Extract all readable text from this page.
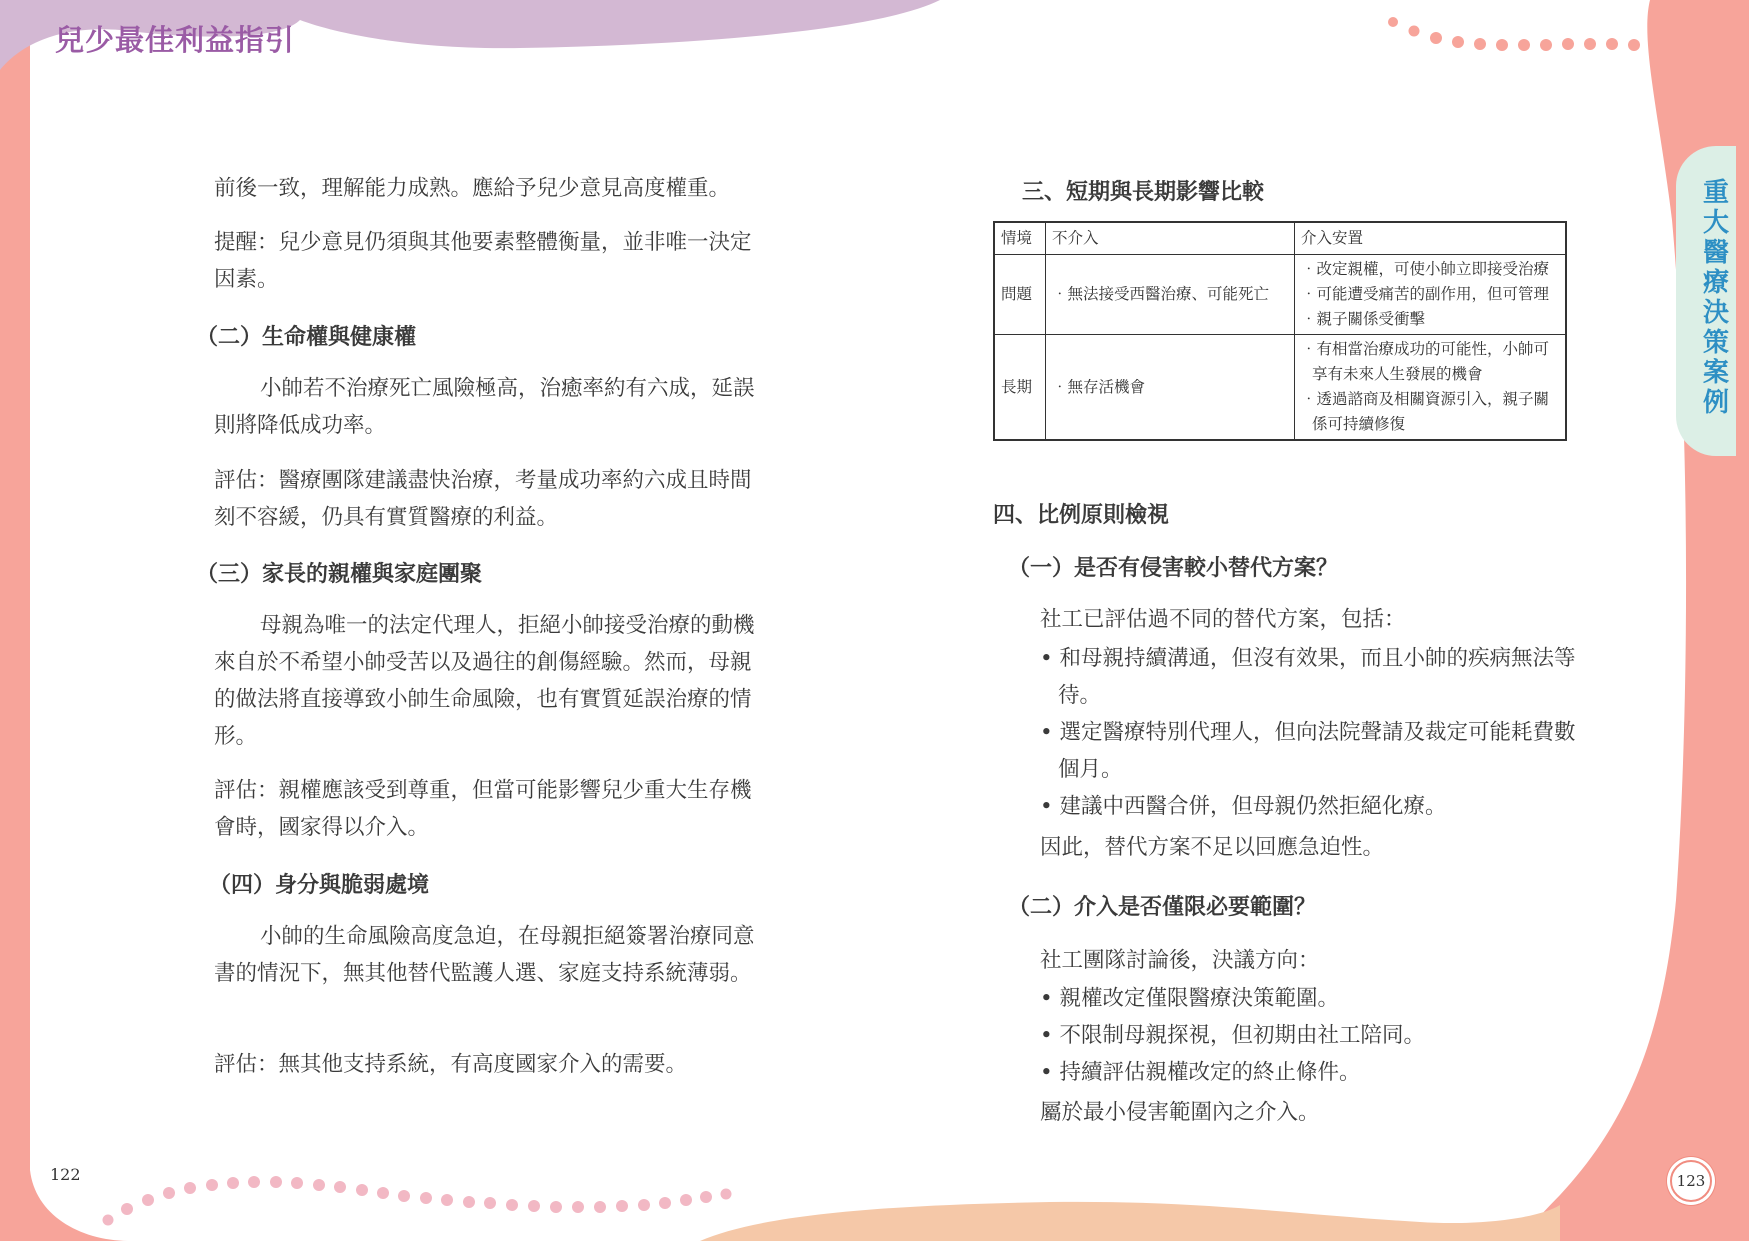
兒少最佳利益指引
重大醫療決策案例
前後一致，理解能力成熟。應給予兒少意見高度權重。
提醒：兒少意見仍須與其他要素整體衡量，並非唯一決定因素。
（二）生命權與健康權
小帥若不治療死亡風險極高，治癒率約有六成，延誤則將降低成功率。
評估：醫療團隊建議盡快治療，考量成功率約六成且時間刻不容緩，仍具有實質醫療的利益。
（三）家長的親權與家庭團聚
母親為唯一的法定代理人，拒絕小帥接受治療的動機來自於不希望小帥受苦以及過往的創傷經驗。然而，母親的做法將直接導致小帥生命風險，也有實質延誤治療的情形。
評估：親權應該受到尊重，但當可能影響兒少重大生存機會時，國家得以介入。
（四）身分與脆弱處境
小帥的生命風險高度急迫，在母親拒絕簽署治療同意書的情況下，無其他替代監護人選、家庭支持系統薄弱。
評估：無其他支持系統，有高度國家介入的需要。
122
三、短期與長期影響比較
情境	不介入	介入安置
問題	‧無法接受西醫治療、可能死亡	‧改定親權，可使小帥立即接受治療
‧可能遭受痛苦的副作用，但可管理
‧親子關係受衝擊

長期	‧無存活機會	‧有相當治療成功的可能性，小帥可享有未來人生發展的機會
‧透過諮商及相關資源引入，親子關係可持續修復
四、比例原則檢視
（一）是否有侵害較小替代方案？
社工已評估過不同的替代方案，包括：
• 和母親持續溝通，但沒有效果，而且小帥的疾病無法等待。
• 選定醫療特別代理人，但向法院聲請及裁定可能耗費數個月。
• 建議中西醫合併，但母親仍然拒絕化療。
因此，替代方案不足以回應急迫性。
（二）介入是否僅限必要範圍？
社工團隊討論後，決議方向：
• 親權改定僅限醫療決策範圍。
• 不限制母親探視，但初期由社工陪同。
• 持續評估親權改定的終止條件。
屬於最小侵害範圍內之介入。
123
